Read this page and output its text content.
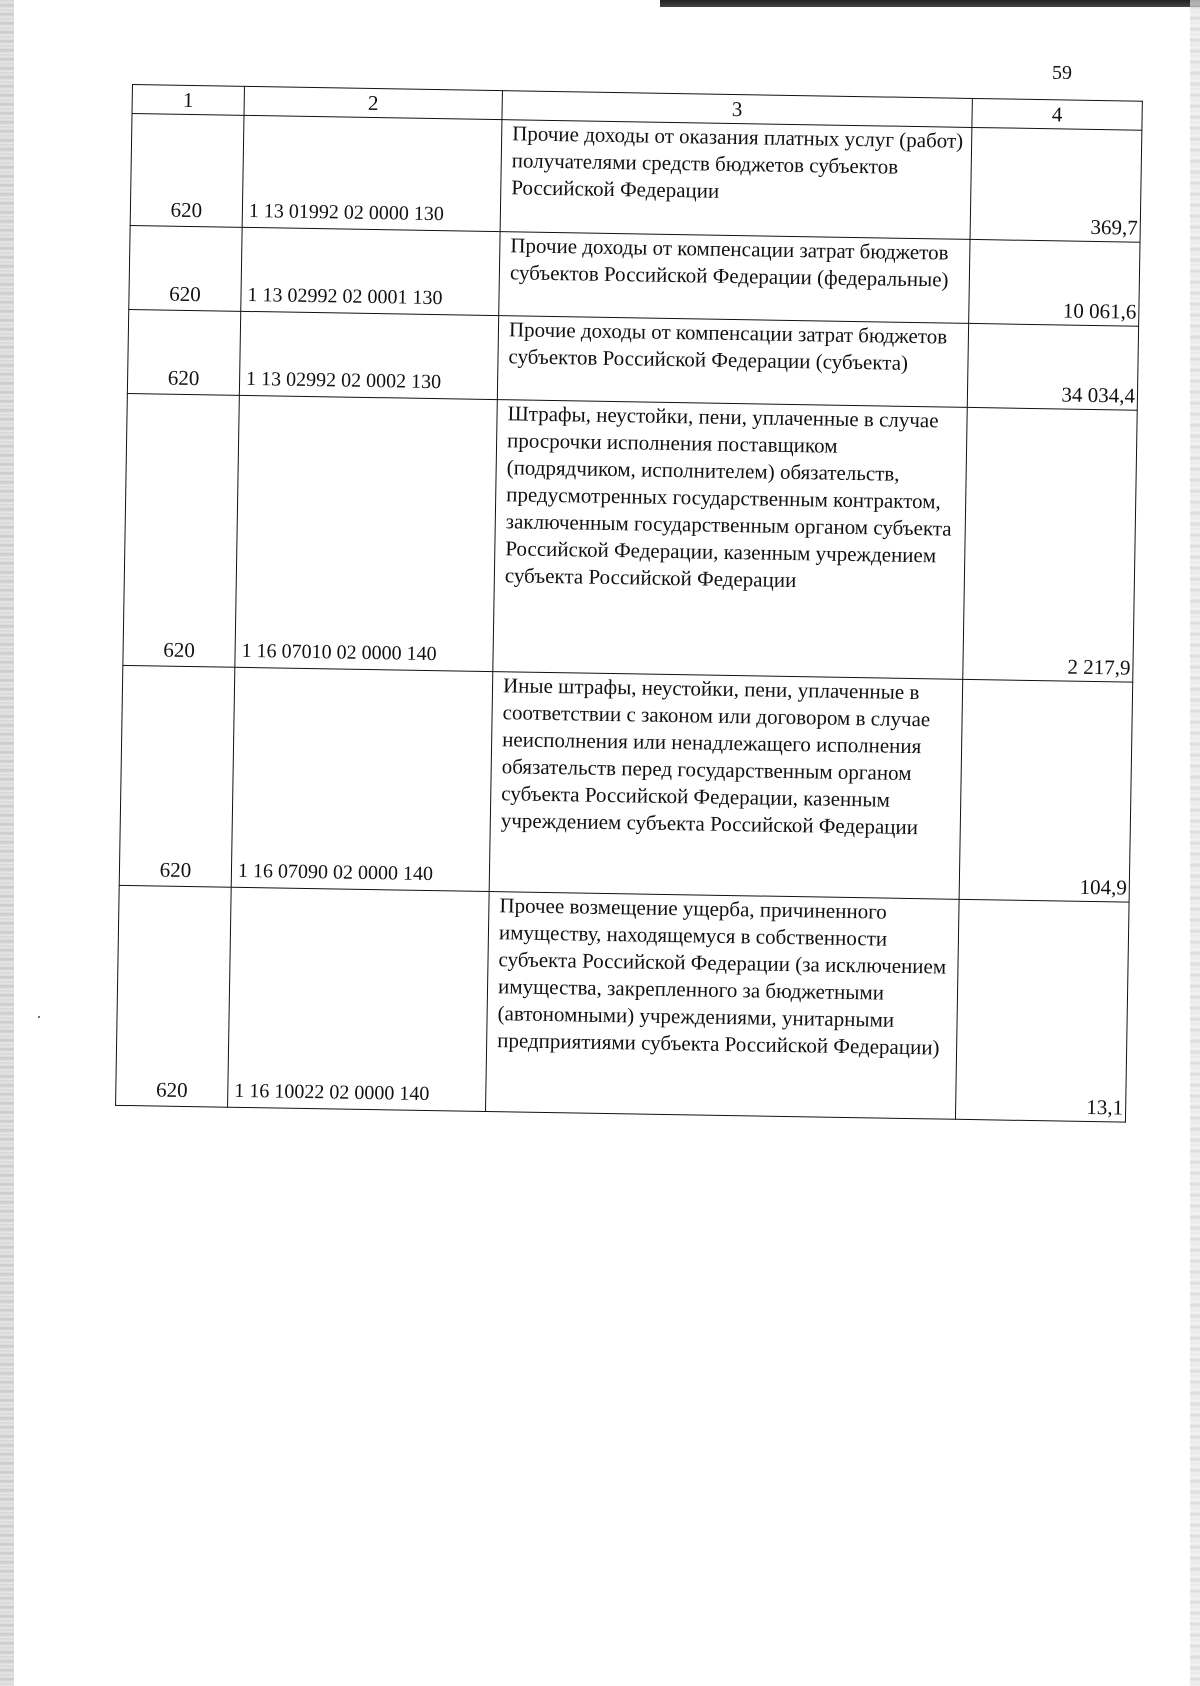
59
1	2	3	4
620	1 13 01992 02 0000 130	Прочие доходы от оказания платных услуг (работ) получателями средств бюджетов субъектов Российской Федерации	369,7
620	1 13 02992 02 0001 130	Прочие доходы от компенсации затрат бюджетов субъектов Российской Федерации (федеральные)	10 061,6
620	1 13 02992 02 0002 130	Прочие доходы от компенсации затрат бюджетов субъектов Российской Федерации (субъекта)	34 034,4
620	1 16 07010 02 0000 140	Штрафы, неустойки, пени, уплаченные в случае просрочки исполнения поставщиком (подрядчиком, исполнителем) обязательств, предусмотренных государственным контрактом, заключенным государственным органом субъекта Российской Федерации, казенным учреждением субъекта Российской Федерации	2 217,9
620	1 16 07090 02 0000 140	Иные штрафы, неустойки, пени, уплаченные в соответствии с законом или договором в случае неисполнения или ненадлежащего исполнения обязательств перед государственным органом субъекта Российской Федерации, казенным учреждением субъекта Российской Федерации	104,9
620	1 16 10022 02 0000 140	Прочее возмещение ущерба, причиненного имуществу, находящемуся в собственности субъекта Российской Федерации (за исключением имущества, закрепленного за бюджетными (автономными) учреждениями, унитарными предприятиями субъекта Российской Федерации)	13,1
